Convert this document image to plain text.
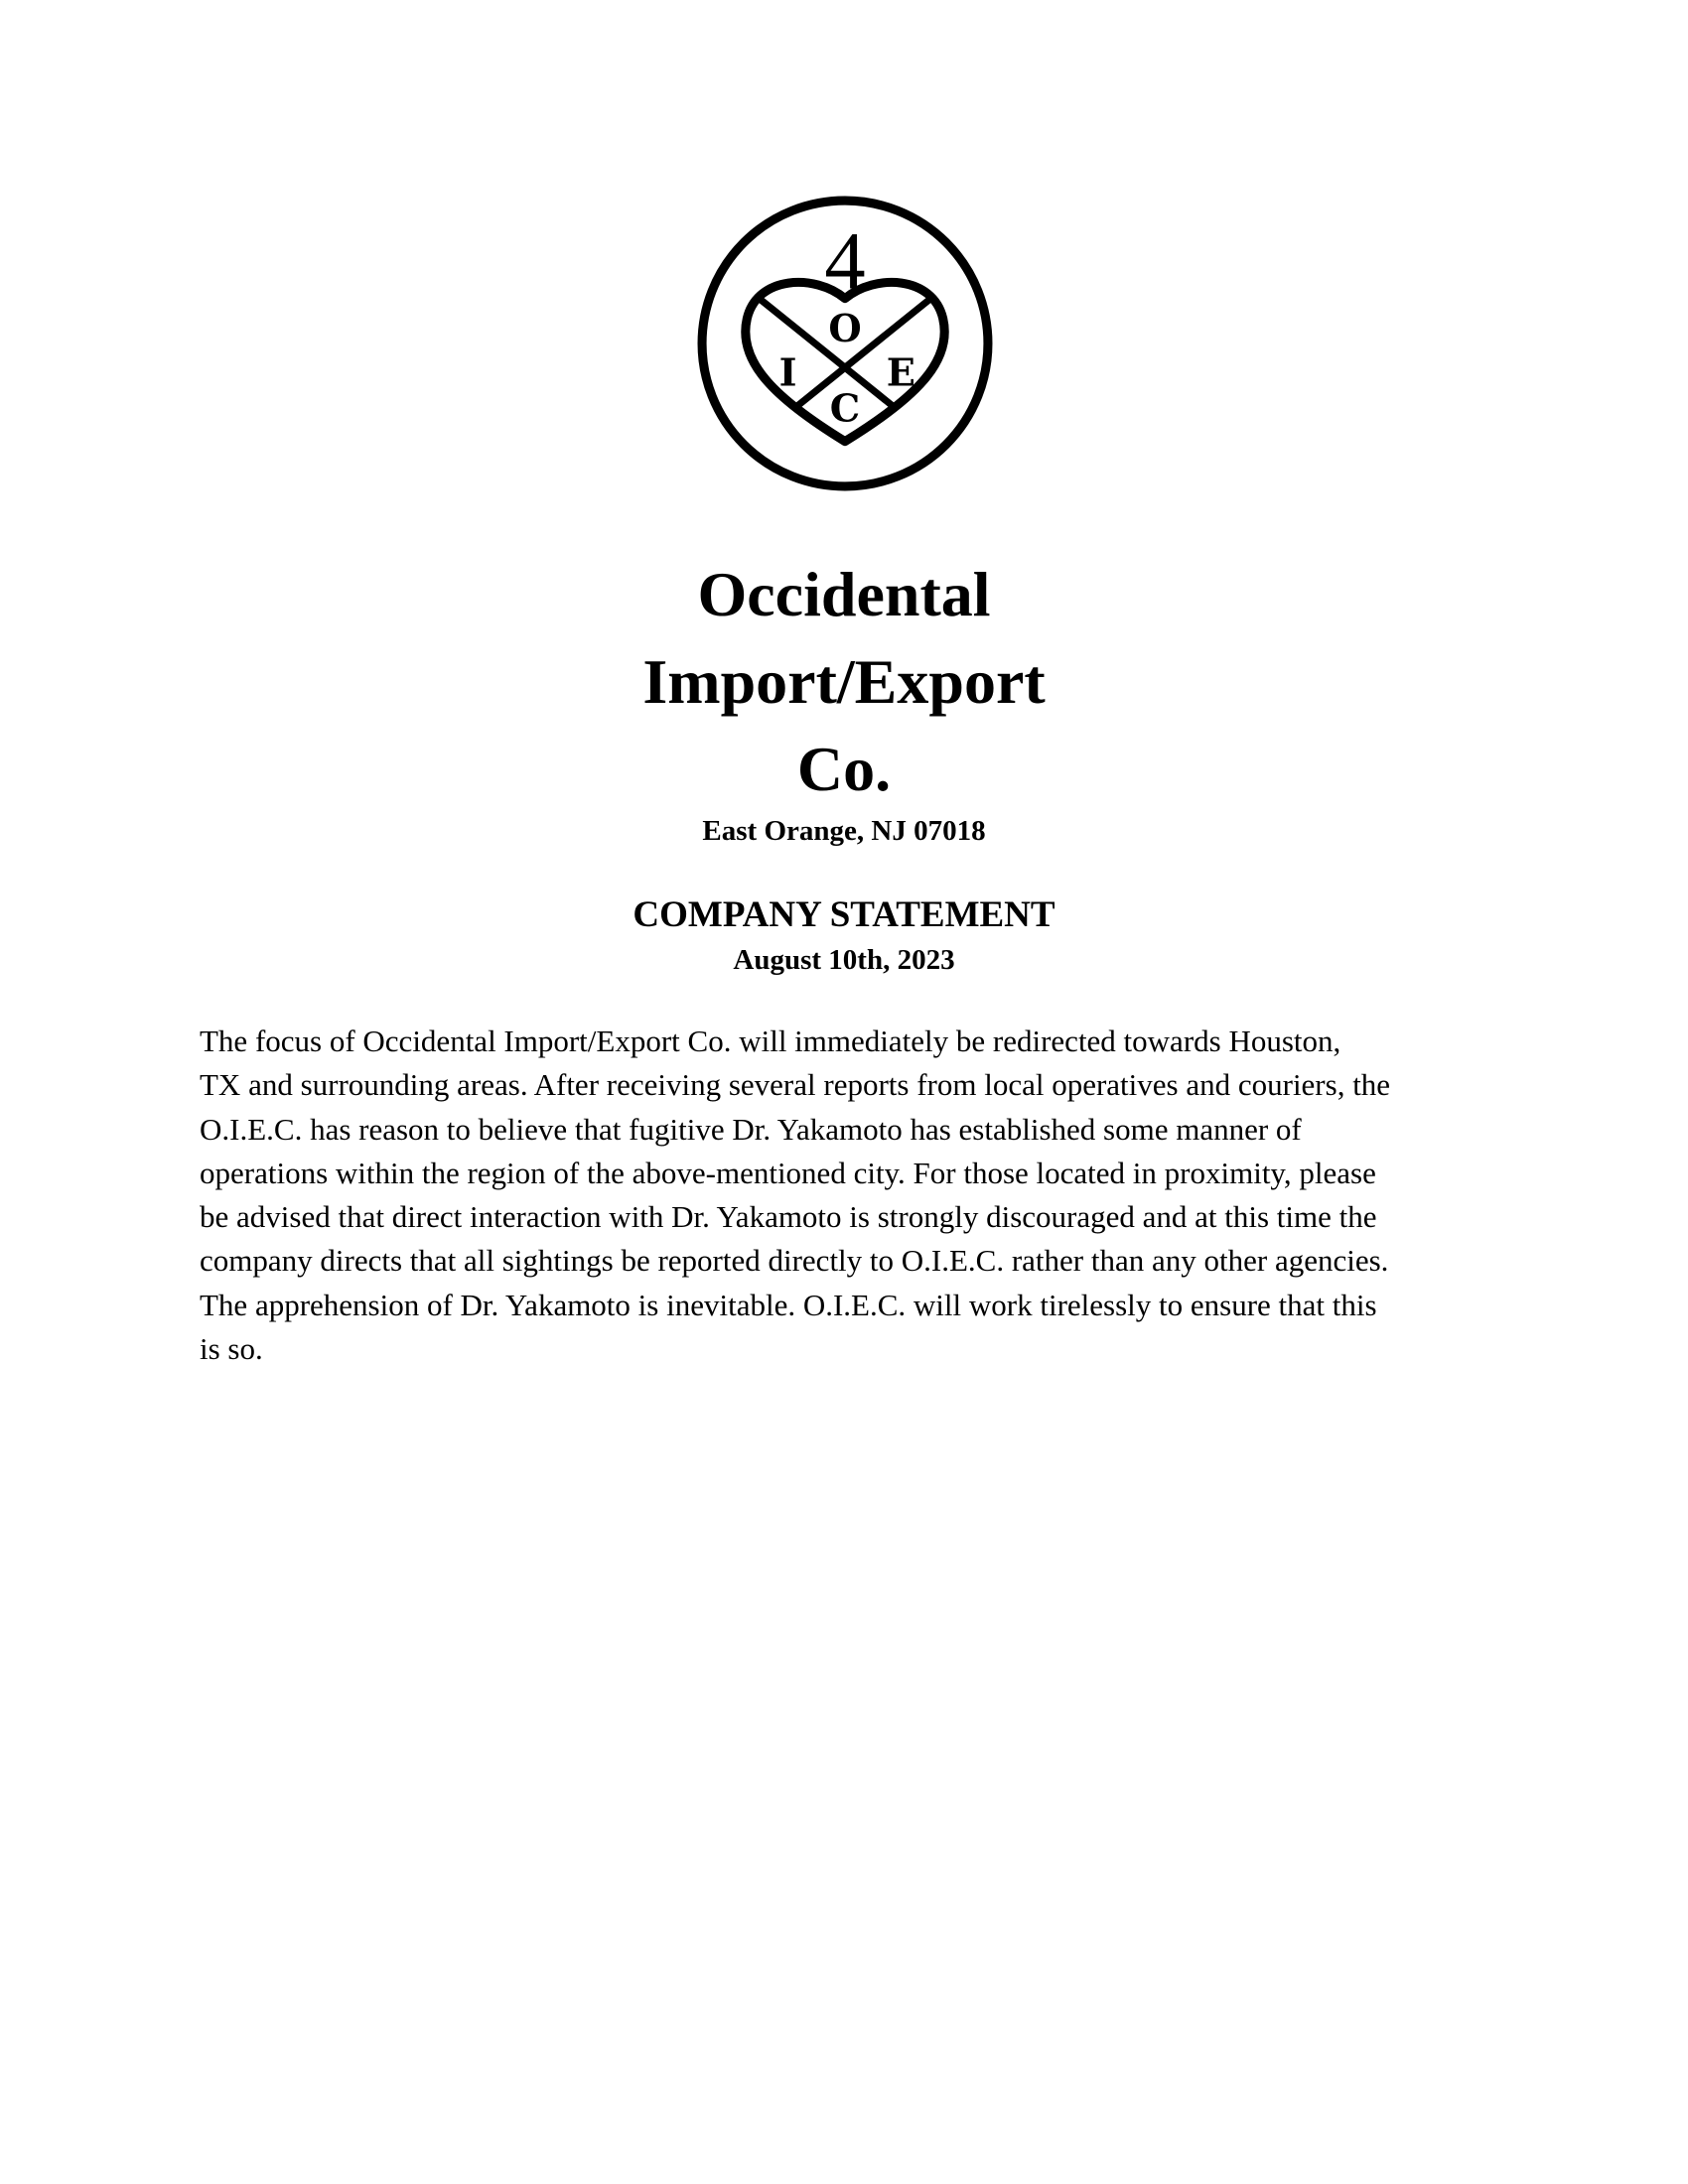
4
O
I E
C
Occidental
Import/Export
Co.

East Orange, NJ 07018

COMPANY STATEMENT

August 10th, 2023

The focus of Occidental Import/Export Co. will immediately be redirected towards Houston,
TX and surrounding areas. After receiving several reports from local operatives and couriers, the
O.I.E.C. has reason to believe that fugitive Dr. Yakamoto has established some manner of
operations within the region of the above-mentioned city. For those located in proximity, please
be advised that direct interaction with Dr. Yakamoto is strongly discouraged and at this time the
company directs that all sightings be reported directly to O.I.E.C. rather than any other agencies.
The apprehension of Dr. Yakamoto is inevitable. O.I.E.C. will work tirelessly to ensure that this
is so.
